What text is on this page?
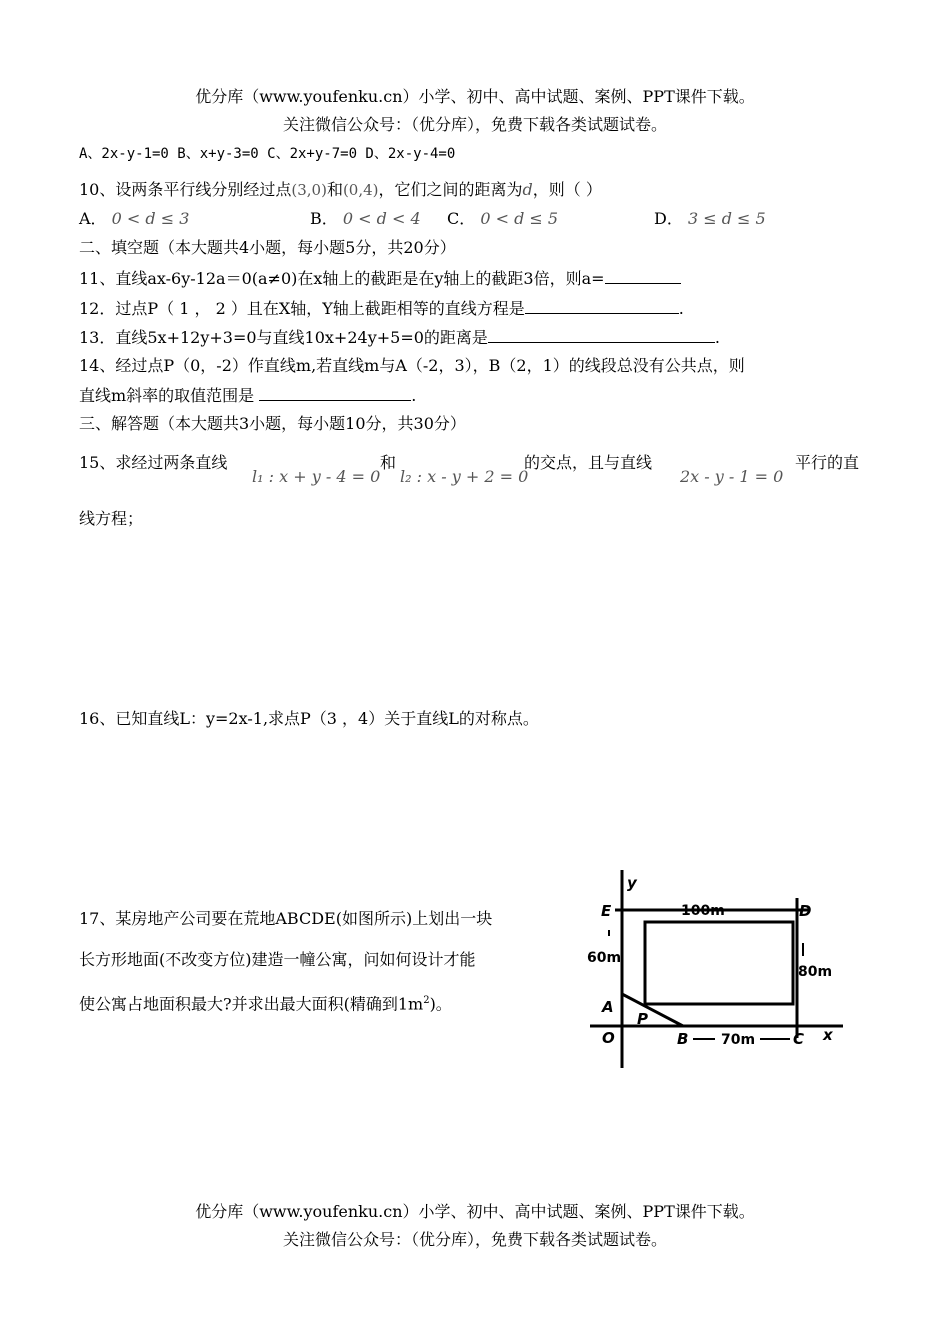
优分库（www.youfenku.cn）小学、初中、高中试题、案例、PPT课件下载。
关注微信公众号：（优分库），免费下载各类试题试卷。
A、2x-y-1=0 B、x+y-3=0 C、2x+y-7=0 D、2x-y-4=0
10、设两条平行线分别经过点(3,0)和(0,4)，它们之间的距离为d，则（ ）
A． 0 < d ≤ 3	B． 0 < d < 4 C． 0 < d ≤ 5	D． 3 ≤ d ≤ 5
二、填空题（本大题共4小题，每小题5分，共20分）
11、直线ax-6y-12a＝0(a≠0)在x轴上的截距是在y轴上的截距3倍，则a=
12．过点P（ 1 ， 2 ）且在X轴，Y轴上截距相等的直线方程是	.
13．直线5x+12y+3=0与直线10x+24y+5=0的距离是	.
14、经过点P（0，-2）作直线m,若直线m与A（-2，3），B（2，1）的线段总没有公共点，则
直线m斜率的取值范围是	.
三、解答题（本大题共3小题，每小题10分，共30分）
15、求经过两条直线
l₁ : x + y - 4 = 0
和
l₂ : x - y + 2 = 0
的交点，且与直线
2x - y - 1 = 0
平行的直
线方程；
16、已知直线L：y=2x-1,求点P（3 ，4）关于直线L的对称点。
17、某房地产公司要在荒地ABCDE(如图所示)上划出一块
长方形地面(不改变方位)建造一幢公寓，问如何设计才能
使公寓占地面积最大?并求出最大面积(精确到$1m^2$)。
y
x
E	D
A
P
O	B	C
100m
60m
80m
70m
优分库（www.youfenku.cn）小学、初中、高中试题、案例、PPT课件下载。
关注微信公众号：（优分库），免费下载各类试题试卷。
